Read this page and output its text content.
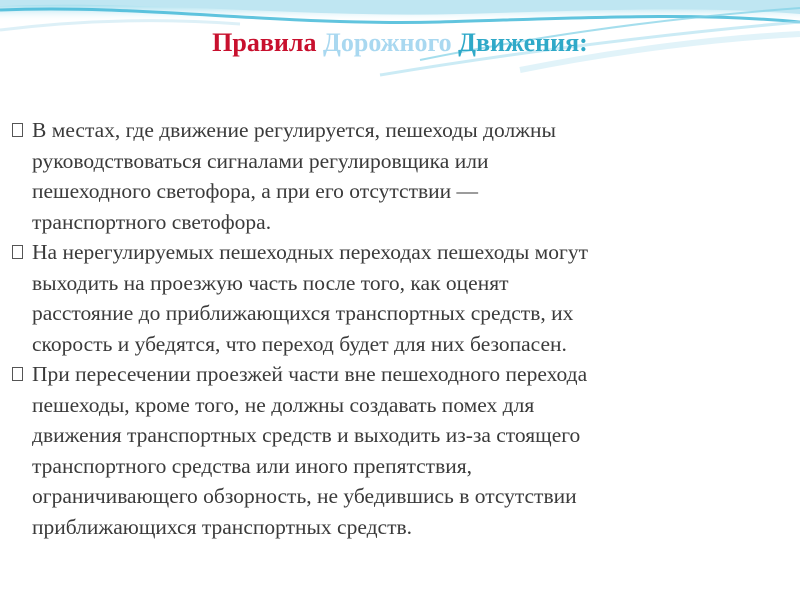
Правила Дорожного Движения:
В местах, где движение регулируется, пешеходы должны
руководствоваться сигналами регулировщика или
пешеходного светофора, а при его отсутствии —
транспортного светофора.
На нерегулируемых пешеходных переходах пешеходы могут
выходить на проезжую часть после того, как оценят
расстояние до приближающихся транспортных средств, их
скорость и убедятся, что переход будет для них безопасен.
При пересечении проезжей части вне пешеходного перехода
пешеходы, кроме того, не должны создавать помех для
движения транспортных средств и выходить из-за стоящего
транспортного средства или иного препятствия,
ограничивающего обзорность, не убедившись в отсутствии
приближающихся транспортных средств.
